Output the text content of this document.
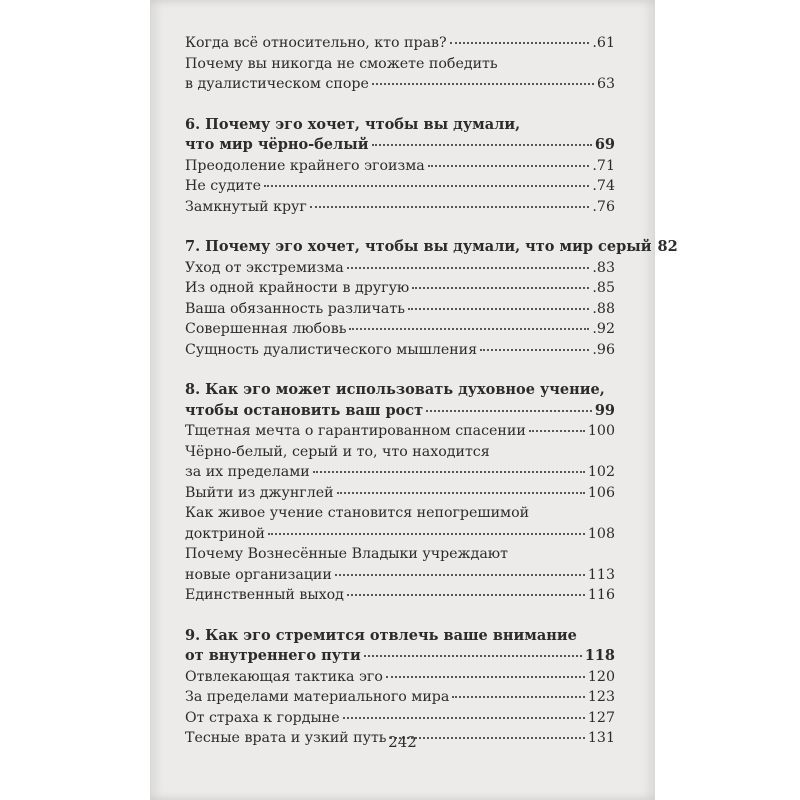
Когда всё относительно, кто прав?	.61
Почему вы никогда не сможете победить
в дуалистическом споре	63
6. Почему эго хочет, чтобы вы думали,
что мир чёрно-белый	69
Преодоление крайнего эгоизма	.71
Не судите	.74
Замкнутый круг	.76
7. Почему эго хочет, чтобы вы думали, что мир серый 82
Уход от экстремизма	.83
Из одной крайности в другую	.85
Ваша обязанность различать	.88
Совершенная любовь	.92
Сущность дуалистического мышления	.96
8. Как эго может использовать духовное учение,
чтобы остановить ваш рост	99
Тщетная мечта о гарантированном спасении	100
Чёрно-белый, серый и то, что находится
за их пределами	102
Выйти из джунглей	106
Как живое учение становится непогрешимой
доктриной	108
Почему Вознесённые Владыки учреждают
новые организации	113
Единственный выход	116
9. Как эго стремится отвлечь ваше внимание
от внутреннего пути	118
Отвлекающая тактика эго	120
За пределами материального мира	123
От страха к гордыне	127
Тесные врата и узкий путь	131
242
